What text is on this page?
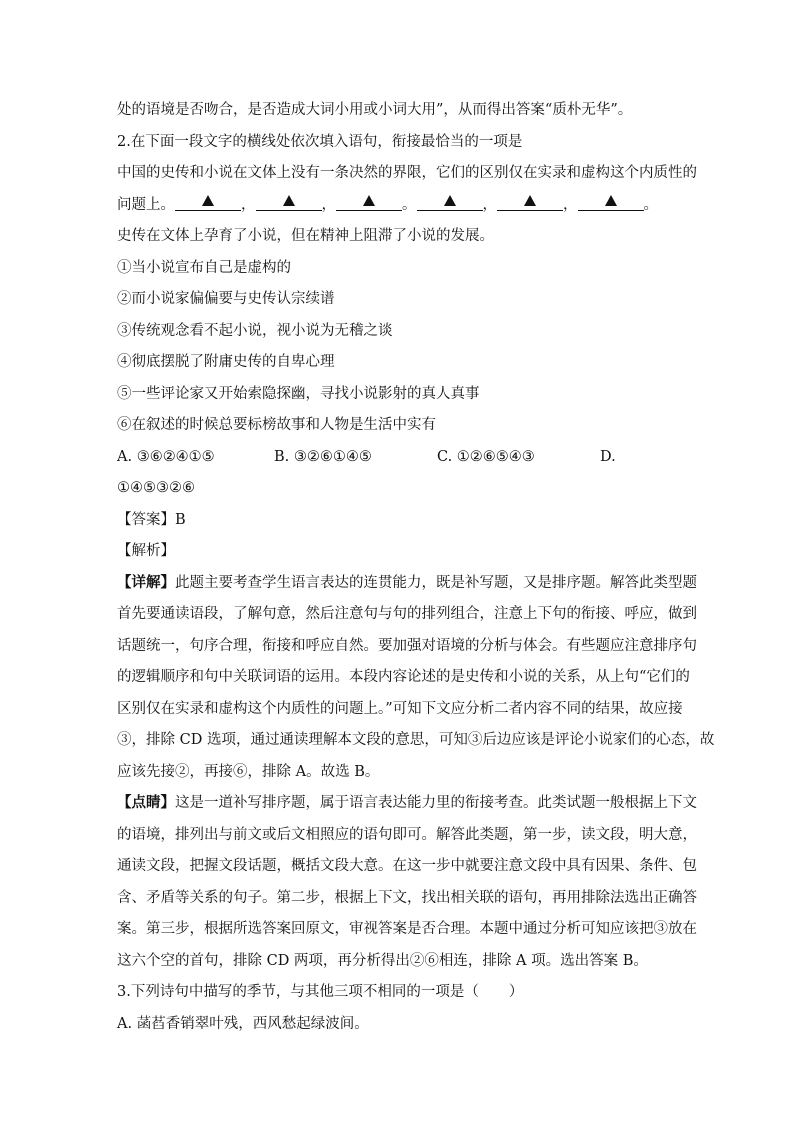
处的语境是否吻合，是否造成大词小用或小词大用”，从而得出答案“质朴无华”。
2.在下面一段文字的横线处依次填入语句，衔接最恰当的一项是
中国的史传和小说在文体上没有一条决然的界限，它们的区别仅在实录和虚构这个内质性的
问题上。	，	，	。	，	，	。
史传在文体上孕育了小说，但在精神上阻滞了小说的发展。
①当小说宣布自己是虚构的
②而小说家偏偏要与史传认宗续谱
③传统观念看不起小说，视小说为无稽之谈
④彻底摆脱了附庸史传的自卑心理
⑤一些评论家又开始索隐探幽，寻找小说影射的真人真事
⑥在叙述的时候总要标榜故事和人物是生活中实有
A. ③⑥②④①⑤	B. ③②⑥①④⑤	C. ①②⑥⑤④③	D.
①④⑤③②⑥
【答案】B
【解析】
【详解】此题主要考查学生语言表达的连贯能力，既是补写题，又是排序题。解答此类型题
首先要通读语段，了解句意，然后注意句与句的排列组合，注意上下句的衔接、呼应，做到
话题统一，句序合理，衔接和呼应自然。要加强对语境的分析与体会。有些题应注意排序句
的逻辑顺序和句中关联词语的运用。本段内容论述的是史传和小说的关系，从上句“它们的
区别仅在实录和虚构这个内质性的问题上。”可知下文应分析二者内容不同的结果，故应接
③，排除 CD 选项，通过通读理解本文段的意思，可知③后边应该是评论小说家们的心态，故
应该先接②，再接⑥，排除 A。故选 B。
【点睛】这是一道补写排序题，属于语言表达能力里的衔接考查。此类试题一般根据上下文
的语境，排列出与前文或后文相照应的语句即可。解答此类题，第一步，读文段，明大意，
通读文段，把握文段话题，概括文段大意。在这一步中就要注意文段中具有因果、条件、包
含、矛盾等关系的句子。第二步，根据上下文，找出相关联的语句，再用排除法选出正确答
案。第三步，根据所选答案回原文，审视答案是否合理。本题中通过分析可知应该把③放在
这六个空的首句，排除 CD 两项，再分析得出②⑥相连，排除 A 项。选出答案 B。
3.下列诗句中描写的季节，与其他三项不相同的一项是（ ）
A. 菡萏香销翠叶残，西风愁起绿波间。
